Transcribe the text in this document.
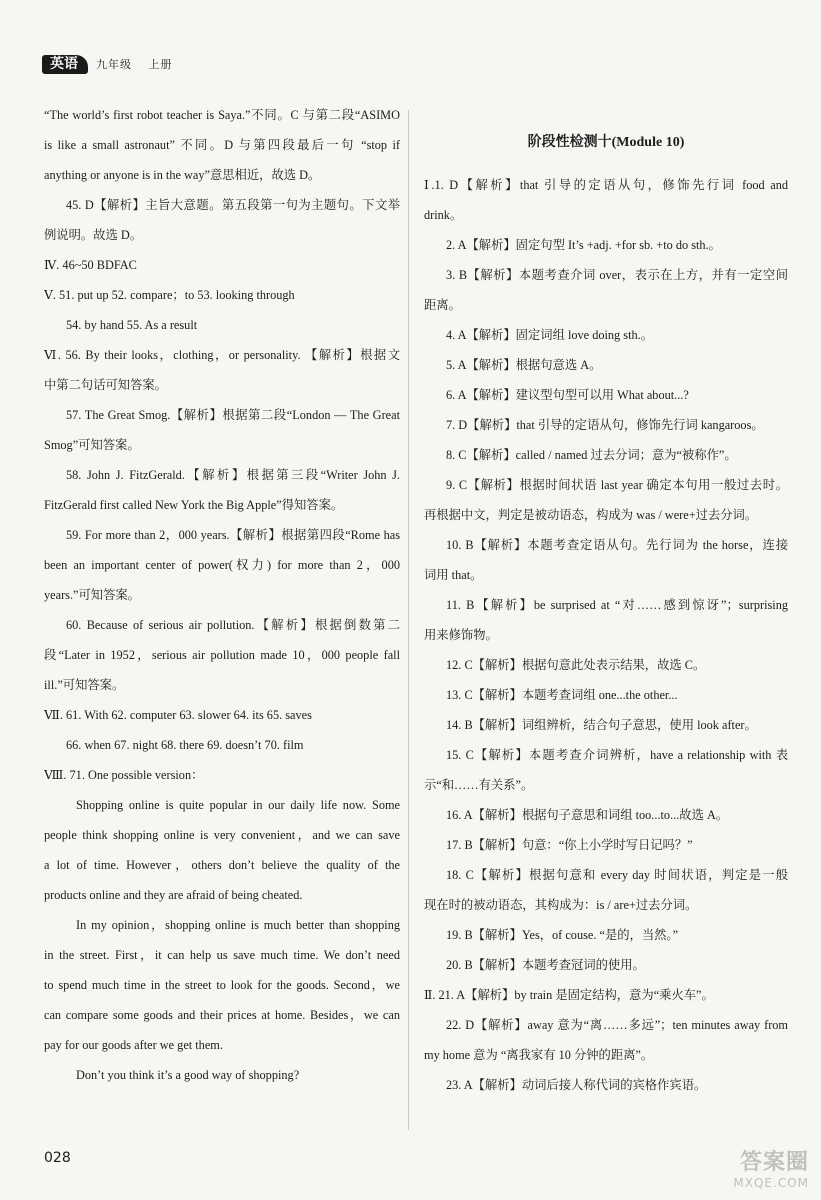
英语	九年级 上册
“The world’s first robot teacher is Saya.”不同。C 与第二段“ASIMO
is like a small astronaut” 不同。D 与第四段最后一句 “stop if
anything or anyone is in the way”意思相近，故选 D。
45. D【解析】主旨大意题。第五段第一句为主题句。下文举
例说明。故选 D。
Ⅳ. 46~50 BDFAC
Ⅴ. 51. put up 52. compare；to 53. looking through
54. by hand 55. As a result
Ⅵ. 56. By their looks，clothing，or personality. 【解析】根据文
中第二句话可知答案。
57. The Great Smog.【解析】根据第二段“London — The Great
Smog”可知答案。
58. John J. FitzGerald.【解析】根据第三段“Writer John J.
FitzGerald first called New York the Big Apple”得知答案。
59. For more than 2，000 years.【解析】根据第四段“Rome has
been an important center of power(权力) for more than 2，000
years.”可知答案。
60. Because of serious air pollution.【解析】根据倒数第二
段“Later in 1952，serious air pollution made 10，000 people fall
ill.”可知答案。
Ⅶ. 61. With 62. computer 63. slower 64. its 65. saves
66. when 67. night 68. there 69. doesn’t 70. film
Ⅷ. 71. One possible version：
Shopping online is quite popular in our daily life now. Some
people think shopping online is very convenient，and we can save
a lot of time. However，others don’t believe the quality of the
products online and they are afraid of being cheated.
In my opinion，shopping online is much better than shopping
in the street. First，it can help us save much time. We don’t need
to spend much time in the street to look for the goods. Second，we
can compare some goods and their prices at home. Besides，we can
pay for our goods after we get them.
Don’t you think it’s a good way of shopping?
阶段性检测十(Module 10)
Ⅰ.1. D【解析】that 引导的定语从句，修饰先行词 food and
drink。
2. A【解析】固定句型 It’s +adj. +for sb. +to do sth.。
3. B【解析】本题考查介词 over，表示在上方，并有一定空间
距离。
4. A【解析】固定词组 love doing sth.。
5. A【解析】根据句意选 A。
6. A【解析】建议型句型可以用 What about...?
7. D【解析】that 引导的定语从句，修饰先行词 kangaroos。
8. C【解析】called / named 过去分词；意为“被称作”。
9. C【解析】根据时间状语 last year 确定本句用一般过去时。
再根据中文，判定是被动语态，构成为 was / were+过去分词。
10. B【解析】本题考查定语从句。先行词为 the horse，连接
词用 that。
11. B【解析】be surprised at “对……感到惊讶”；surprising
用来修饰物。
12. C【解析】根据句意此处表示结果，故选 C。
13. C【解析】本题考查词组 one...the other...
14. B【解析】词组辨析，结合句子意思，使用 look after。
15. C【解析】本题考查介词辨析，have a relationship with 表
示“和……有关系”。
16. A【解析】根据句子意思和词组 too...to...故选 A。
17. B【解析】句意：“你上小学时写日记吗？”
18. C【解析】根据句意和 every day 时间状语，判定是一般
现在时的被动语态，其构成为：is / are+过去分词。
19. B【解析】Yes，of couse. “是的，当然。”
20. B【解析】本题考查冠词的使用。
Ⅱ. 21. A【解析】by train 是固定结构，意为“乘火车”。
22. D【解析】away 意为“离……多远”；ten minutes away from
my home 意为 “离我家有 10 分钟的距离”。
23. A【解析】动词后接人称代词的宾格作宾语。
028	答案圈
MXQE.COM
